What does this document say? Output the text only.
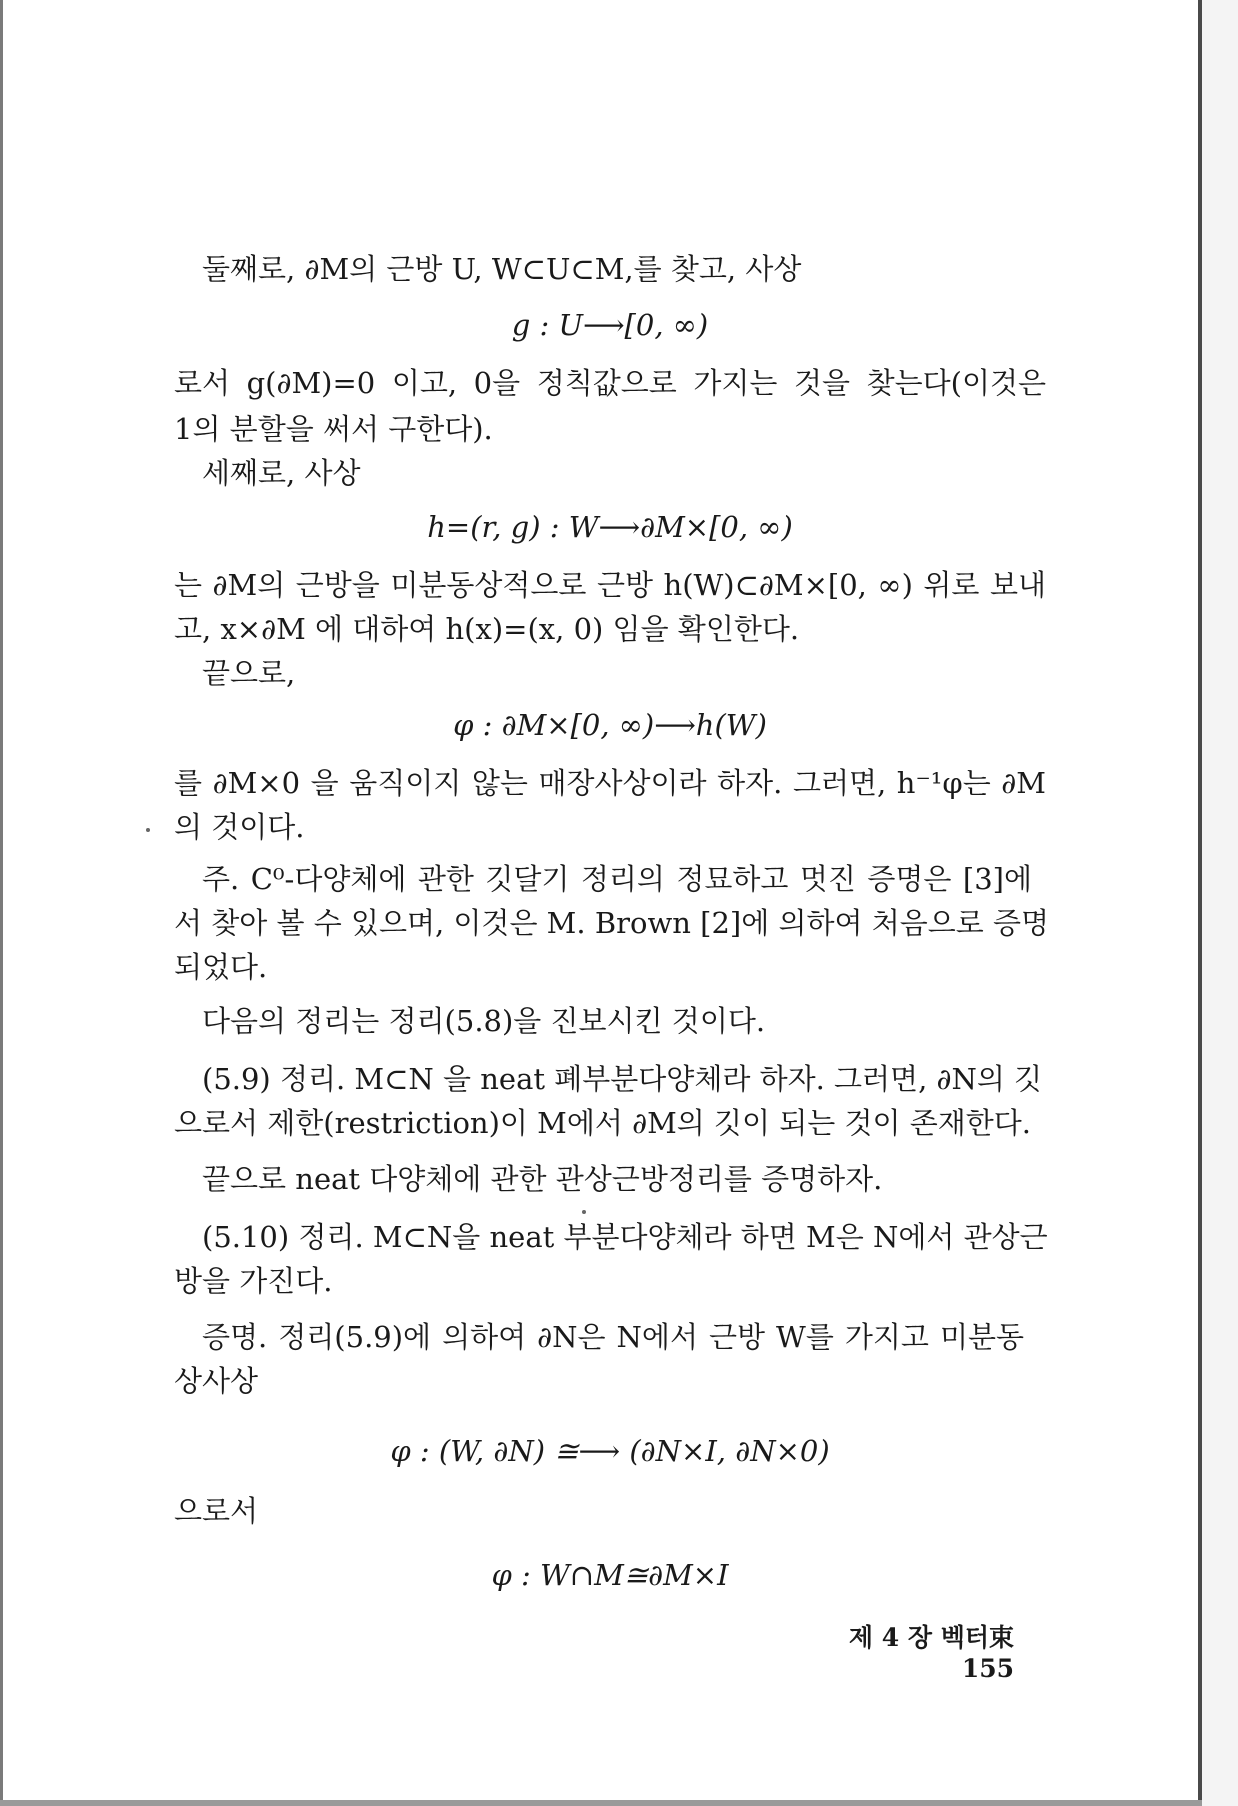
둘째로, ∂M의 근방 U, W⊂U⊂M,를 찾고, 사상
g : U⟶[0, ∞)
로서 g(∂M)=0 이고, 0을 정칙값으로 가지는 것을 찾는다(이것은
1의 분할을 써서 구한다).
세째로, 사상
h=(r, g) : W⟶∂M×[0, ∞)
는 ∂M의 근방을 미분동상적으로 근방 h(W)⊂∂M×[0, ∞) 위로 보내
고, x×∂M 에 대하여 h(x)=(x, 0) 임을 확인한다.
끝으로,
φ : ∂M×[0, ∞)⟶h(W)
를 ∂M×0 을 움직이지 않는 매장사상이라 하자. 그러면, h⁻¹φ는 ∂M
의 것이다.
주. C⁰-다양체에 관한 깃달기 정리의 정묘하고 멋진 증명은 [3]에
서 찾아 볼 수 있으며, 이것은 M. Brown [2]에 의하여 처음으로 증명
되었다.
다음의 정리는 정리(5.8)을 진보시킨 것이다.
(5.9) 정리. M⊂N 을 neat 폐부분다양체라 하자. 그러면, ∂N의 깃
으로서 제한(restriction)이 M에서 ∂M의 깃이 되는 것이 존재한다.
끝으로 neat 다양체에 관한 관상근방정리를 증명하자.
(5.10) 정리. M⊂N을 neat 부분다양체라 하면 M은 N에서 관상근
방을 가진다.
증명. 정리(5.9)에 의하여 ∂N은 N에서 근방 W를 가지고 미분동
상사상
φ : (W, ∂N) ≅⟶ (∂N×I, ∂N×0)
으로서
φ : W∩M≅∂M×I
제 4 장 벡터束 155
